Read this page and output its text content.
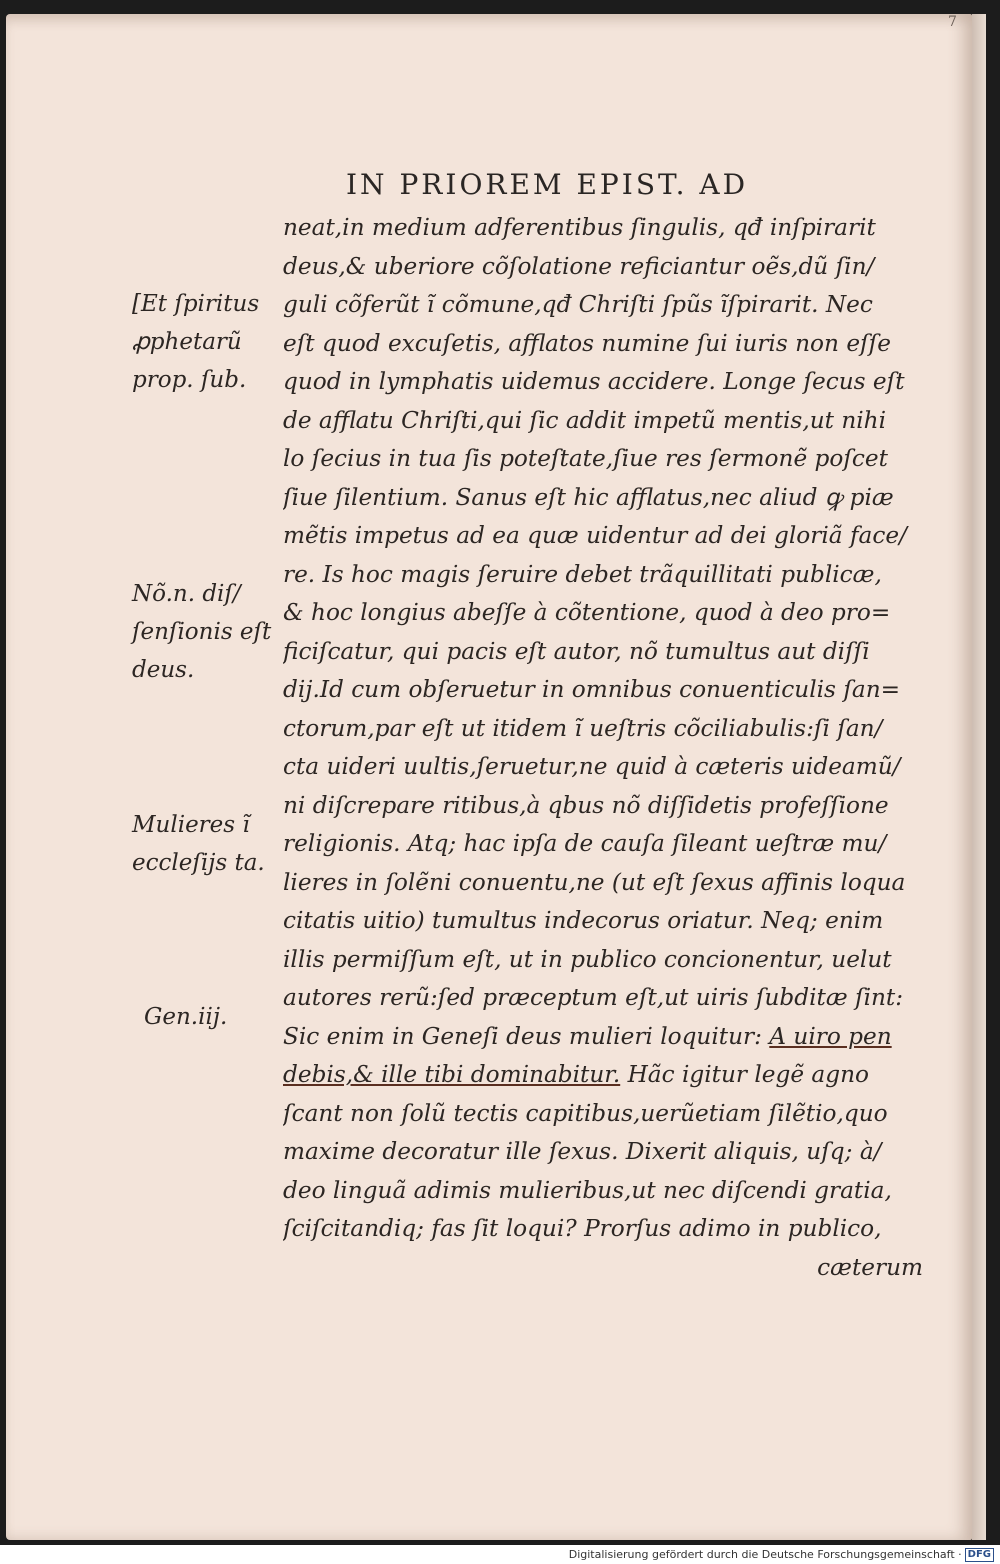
7
IN PRIOREM EPIST. AD
neat,in medium adferentibus ſingulis, qđ inſpirarit
deus,& uberiore cõſolatione reficiantur oẽs,dũ ſin/
guli cõferũt ĩ cõmune,qđ Chriſti ſpũs ĩſpirarit. Nec
eſt quod excuſetis, afflatos numine ſui iuris non eſſe
quod in lymphatis uidemus accidere. Longe ſecus eſt
de afflatu Chriſti,qui ſic addit impetũ mentis,ut nihi
lo ſecius in tua ſis poteſtate,ſiue res ſermonẽ poſcet
ſiue ſilentium. Sanus eſt hic afflatus,nec aliud ꝙ piæ
mẽtis impetus ad ea quæ uidentur ad dei gloriã face/
re. Is hoc magis ſeruire debet trãquillitati publicæ,
& hoc longius abeſſe à cõtentione, quod à deo pro=
ficiſcatur, qui pacis eſt autor, nõ tumultus aut diſſi
dij.Id cum obſeruetur in omnibus conuenticulis ſan=
ctorum,par eſt ut itidem ĩ ueſtris cõciliabulis:ſi ſan/
cta uideri uultis,ſeruetur,ne quid à cæteris uideamũ/
ni diſcrepare ritibus,à qbus nõ diſſidetis profeſſione
religionis. Atq; hac ipſa de cauſa ſileant ueſtræ mu/
lieres in ſolẽni conuentu,ne (ut eſt ſexus affinis loqua
citatis uitio) tumultus indecorus oriatur. Neq; enim
illis permiſſum eſt, ut in publico concionentur, uelut
autores rerũ:ſed præceptum eſt,ut uiris ſubditæ ſint:
Sic enim in Geneſi deus mulieri loquitur: A uiro pen
debis,& ille tibi dominabitur. Hãc igitur legẽ agno
ſcant non ſolũ tectis capitibus,uerũetiam ſilẽtio,quo
maxime decoratur ille ſexus. Dixerit aliquis, uſq; à/
deo linguã adimis mulieribus,ut nec diſcendi gratia,
ſciſcitandiq; fas ſit loqui? Prorſus adimo in publico,
cæterum
[Et ſpiritus
ꝓphetarũ
prop. ſub.
Nõ.n. diſ/
ſenſionis eſt
deus.
Mulieres ĩ
eccleſijs ta.
Gen.iij.
Digitalisierung gefördert durch die Deutsche Forschungsgemeinschaft · DFG
